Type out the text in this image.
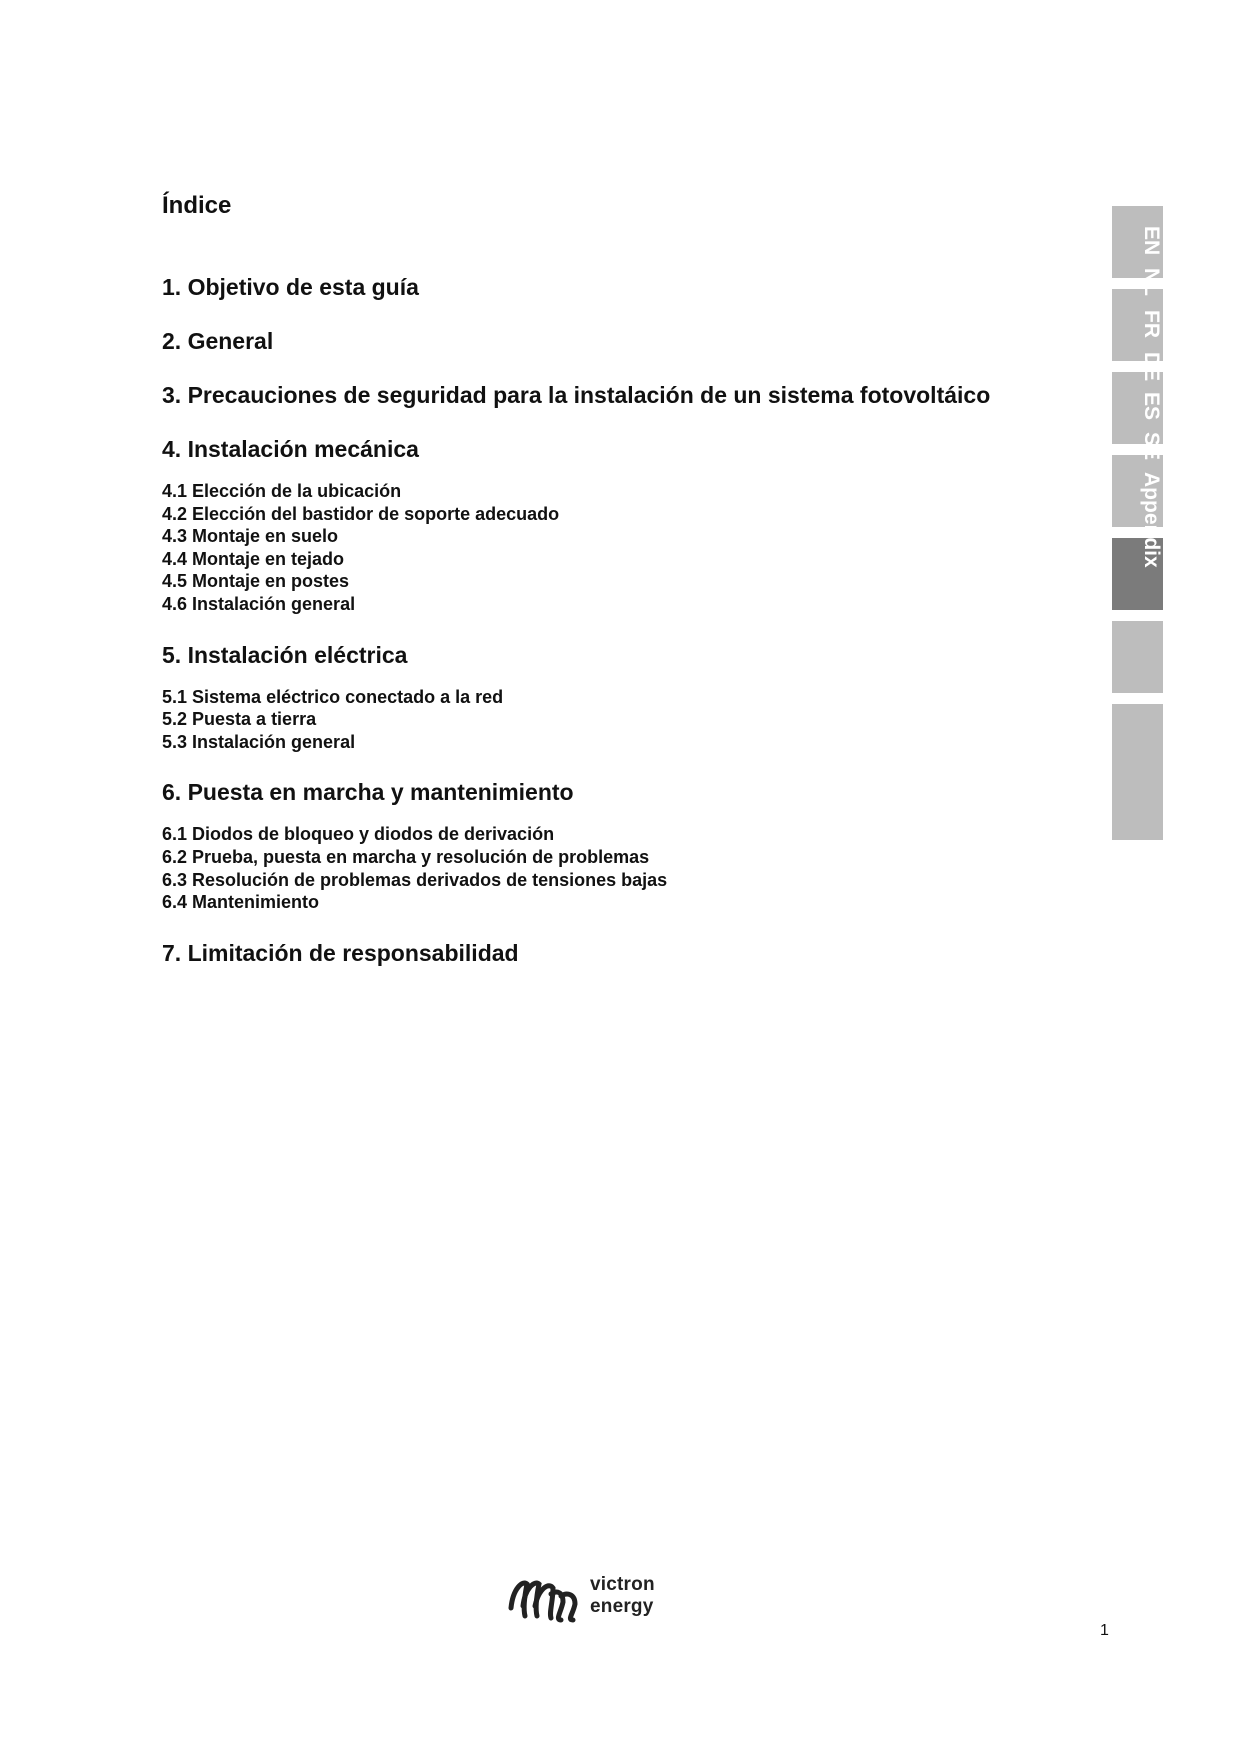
Índice

1. Objetivo de esta guía

2. General

3. Precauciones de seguridad para la instalación de un sistema fotovoltáico

4. Instalación mecánica

4.1 Elección de la ubicación
4.2 Elección del bastidor de soporte adecuado
4.3 Montaje en suelo
4.4 Montaje en tejado
4.5 Montaje en postes
4.6 Instalación general

5. Instalación eléctrica

5.1 Sistema eléctrico conectado a la red
5.2 Puesta a tierra
5.3 Instalación general

6. Puesta en marcha y mantenimiento

6.1 Diodos de bloqueo y diodos de derivación
6.2 Prueba, puesta en marcha y resolución de problemas
6.3 Resolución de problemas derivados de tensiones bajas
6.4 Mantenimiento

7. Limitación de responsabilidad

EN
NL
FR
DE
ES
SE
Appendix
victron energy
1
